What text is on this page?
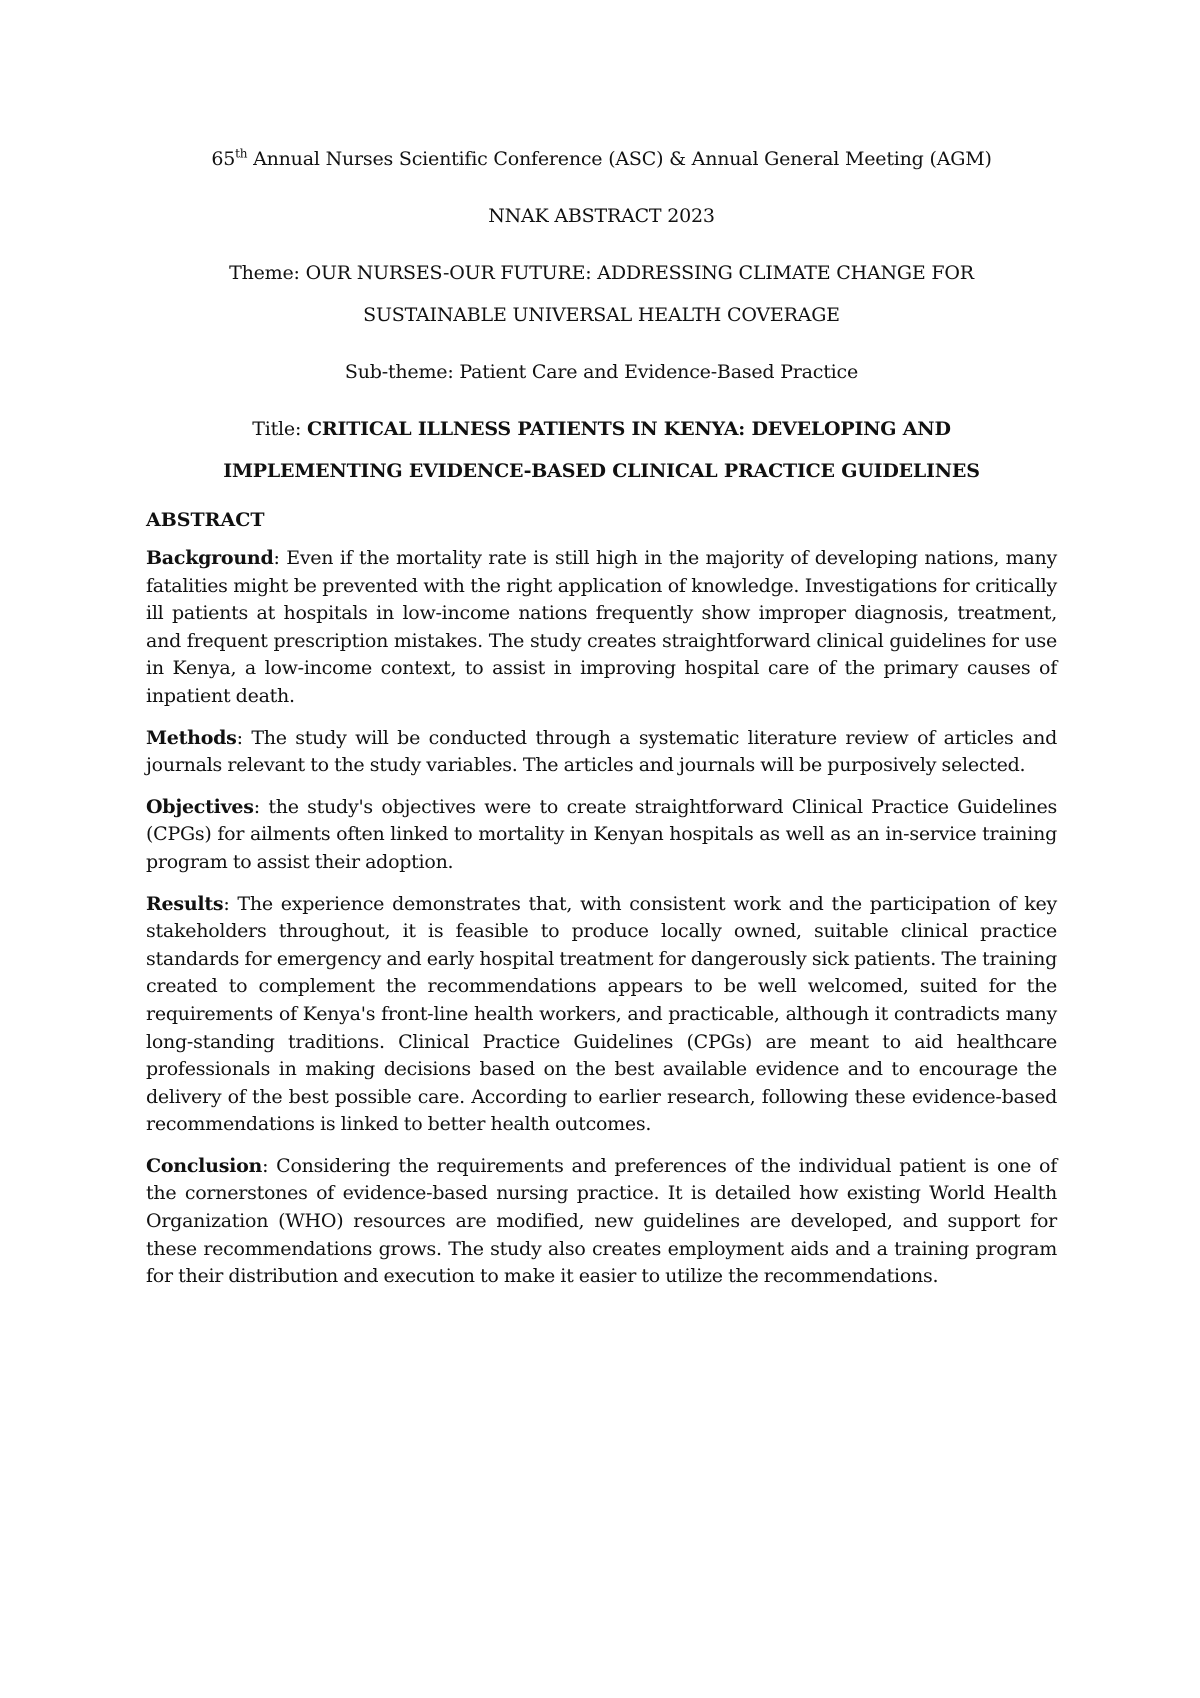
65th Annual Nurses Scientific Conference (ASC) & Annual General Meeting (AGM)

NNAK ABSTRACT 2023

Theme: OUR NURSES-OUR FUTURE: ADDRESSING CLIMATE CHANGE FOR

SUSTAINABLE UNIVERSAL HEALTH COVERAGE

Sub-theme: Patient Care and Evidence-Based Practice

Title: CRITICAL ILLNESS PATIENTS IN KENYA: DEVELOPING AND

IMPLEMENTING EVIDENCE-BASED CLINICAL PRACTICE GUIDELINES

ABSTRACT

Background: Even if the mortality rate is still high in the majority of developing nations, many fatalities might be prevented with the right application of knowledge. Investigations for critically ill patients at hospitals in low-income nations frequently show improper diagnosis, treatment, and frequent prescription mistakes. The study creates straightforward clinical guidelines for use in Kenya, a low-income context, to assist in improving hospital care of the primary causes of inpatient death.

Methods: The study will be conducted through a systematic literature review of articles and journals relevant to the study variables. The articles and journals will be purposively selected.

Objectives: the study's objectives were to create straightforward Clinical Practice Guidelines (CPGs) for ailments often linked to mortality in Kenyan hospitals as well as an in-service training program to assist their adoption.

Results: The experience demonstrates that, with consistent work and the participation of key stakeholders throughout, it is feasible to produce locally owned, suitable clinical practice standards for emergency and early hospital treatment for dangerously sick patients. The training created to complement the recommendations appears to be well welcomed, suited for the requirements of Kenya's front-line health workers, and practicable, although it contradicts many long-standing traditions. Clinical Practice Guidelines (CPGs) are meant to aid healthcare professionals in making decisions based on the best available evidence and to encourage the delivery of the best possible care. According to earlier research, following these evidence-based recommendations is linked to better health outcomes.

Conclusion: Considering the requirements and preferences of the individual patient is one of the cornerstones of evidence-based nursing practice. It is detailed how existing World Health Organization (WHO) resources are modified, new guidelines are developed, and support for these recommendations grows. The study also creates employment aids and a training program for their distribution and execution to make it easier to utilize the recommendations.
